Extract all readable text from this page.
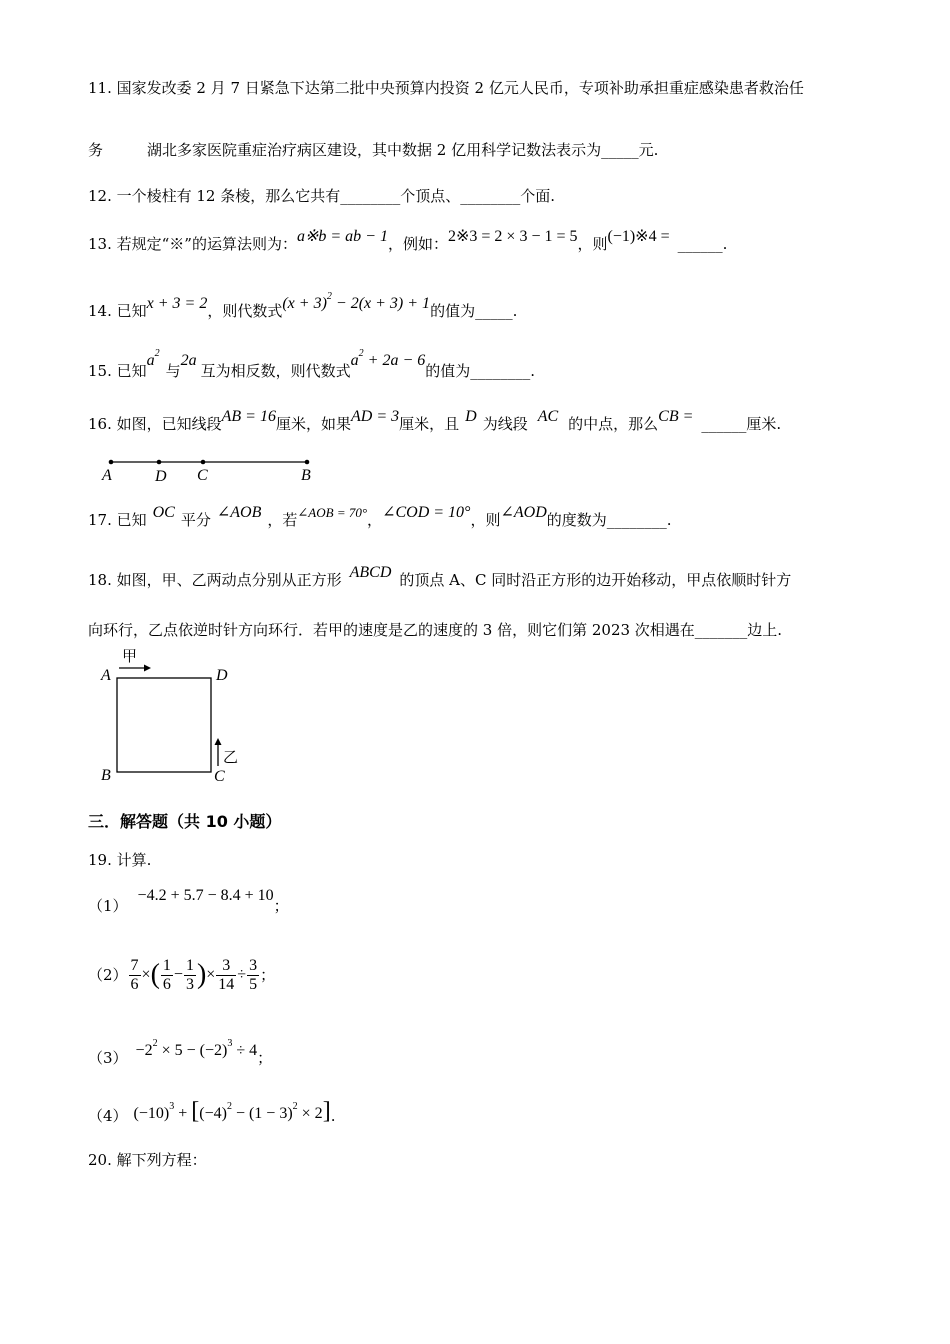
11. 国家发改委 2 月 7 日紧急下达第二批中央预算内投资 2 亿元人民币，专项补助承担重症感染患者救治任
务	湖北多家医院重症治疗病区建设，其中数据 2 亿用科学记数法表示为_____元.
12. 一个棱柱有 12 条棱，那么它共有________个顶点、________个面.
13. 若规定“※”的运算法则为：a※b = ab − 1，例如：2※3 = 2 × 3 − 1 = 5，则(−1)※4 = ______.
14. 已知x + 3 = 2，则代数式$(x + 3)^2 - 2(x + 3) + 1$的值为_____.
15. 已知$a^2$与2a互为相反数，则代数式$a^2 + 2a - 6$的值为________.
16. 如图，已知线段AB = 16厘米，如果AD = 3厘米，且 D 为线段 AC 的中点，那么CB = ______厘米.
A	D C	B
17. 已知 OC 平分 ∠AOB ，若∠AOB = 70°，∠COD = 10°，则∠AOD的度数为________.
18. 如图，甲、乙两动点分别从正方形 ABCD 的顶点 A、C 同时沿正方形的边开始移动，甲点依顺时针方
向环行，乙点依逆时针方向环行．若甲的速度是乙的速度的 3 倍，则它们第 2023 次相遇在_______边上.
A	D
B	C
甲
乙
三．解答题（共 10 小题）
19. 计算.
（1）−4.2 + 5.7 − 8.4 + 10；
$(2) \frac{7}{6}$ × ( $\frac{1}{6} - \frac{1}{3}$ ) × $\frac{3}{14} \div \frac{3}{5}$ ；
$(3) -2^2 \times 5 - (-2)^3 \div 4$；
（4） $(-10)^3 + [(-4)^2 - (1 - 3)^2 \times 2]$.
20. 解下列方程：
